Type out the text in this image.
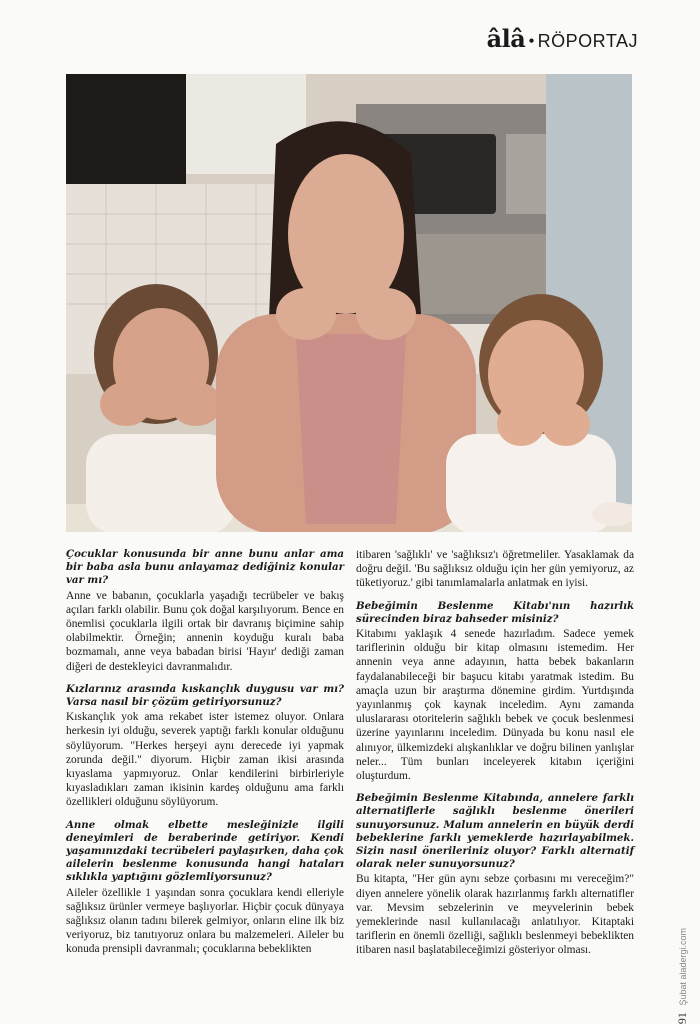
âlâ • RÖPORTAJ

Çocuklar konusunda bir anne bunu anlar ama bir baba asla bunu anlayamaz dediğiniz konular var mı?

Anne ve babanın, çocuklarla yaşadığı tecrübeler ve bakış açıları farklı olabilir. Bunu çok doğal karşılıyorum. Bence en önemlisi çocuklarla ilgili ortak bir davranış biçimine sahip olabilmektir. Örneğin; annenin koyduğu kuralı baba bozmamalı, anne veya babadan birisi 'Hayır' dediği zaman diğeri de destekleyici davranmalıdır.

Kızlarınız arasında kıskançlık duygusu var mı? Varsa nasıl bir çözüm getiriyorsunuz?

Kıskançlık yok ama rekabet ister istemez oluyor. Onlara herkesin iyi olduğu, severek yaptığı farklı konular olduğunu söylüyorum. "Herkes herşeyi aynı derecede iyi yapmak zorunda değil." diyorum. Hiçbir zaman ikisi arasında kıyaslama yapmıyoruz. Onlar kendilerini birbirleriyle kıyasladıkları zaman ikisinin kardeş olduğunu ama farklı özellikleri olduğunu söylüyorum.

Anne olmak elbette mesleğinizle ilgili deneyimleri de beraberinde getiriyor. Kendi yaşamınızdaki tecrübeleri paylaşırken, daha çok ailelerin beslenme konusunda hangi hataları sıklıkla yaptığını gözlemliyorsunuz?

Aileler özellikle 1 yaşından sonra çocuklara kendi elleriyle sağlıksız ürünler vermeye başlıyorlar. Hiçbir çocuk dünyaya sağlıksız olanın tadını bilerek gelmiyor, onların eline ilk biz veriyoruz, biz tanıtıyoruz onlara bu malzemeleri. Aileler bu konuda prensipli davranmalı; çocuklarına bebeklikten

itibaren 'sağlıklı' ve 'sağlıksız'ı öğretmeliler. Yasaklamak da doğru değil. 'Bu sağlıksız olduğu için her gün yemiyoruz, az tüketiyoruz.' gibi tanımlamalarla anlatmak en iyisi.

Bebeğimin Beslenme Kitabı'nın hazırlık sürecinden biraz bahseder misiniz?

Kitabımı yaklaşık 4 senede hazırladım. Sadece yemek tariflerinin olduğu bir kitap olmasını istemedim. Her annenin veya anne adayının, hatta bebek bakanların faydalanabileceği bir başucu kitabı yaratmak istedim. Bu amaçla uzun bir araştırma dönemine girdim. Yurtdışında yayınlanmış çok kaynak inceledim. Aynı zamanda uluslararası otoritelerin sağlıklı bebek ve çocuk beslenmesi üzerine yayınlarını inceledim. Dünyada bu konu nasıl ele alınıyor, ülkemizdeki alışkanlıklar ve doğru bilinen yanlışlar neler... Tüm bunları inceleyerek kitabın içeriğini oluşturdum.

Bebeğimin Beslenme Kitabında, annelere farklı alternatiflerle sağlıklı beslenme önerileri sunuyorsunuz. Malum annelerin en büyük derdi bebeklerine farklı yemeklerde hazırlayabilmek. Sizin nasıl önerileriniz oluyor? Farklı alternatif olarak neler sunuyorsunuz?

Bu kitapta, "Her gün aynı sebze çorbasını mı vereceğim?" diyen annelere yönelik olarak hazırlanmış farklı alternatifler var. Mevsim sebzelerinin ve meyvelerinin bebek yemeklerinde nasıl kullanılacağı anlatılıyor. Kitaptaki tariflerin en önemli özelliği, sağlıklı beslenmeyi bebeklikten itibaren nasıl başlatabileceğimizi gösteriyor olması.

91 Şubat aladergi.com
